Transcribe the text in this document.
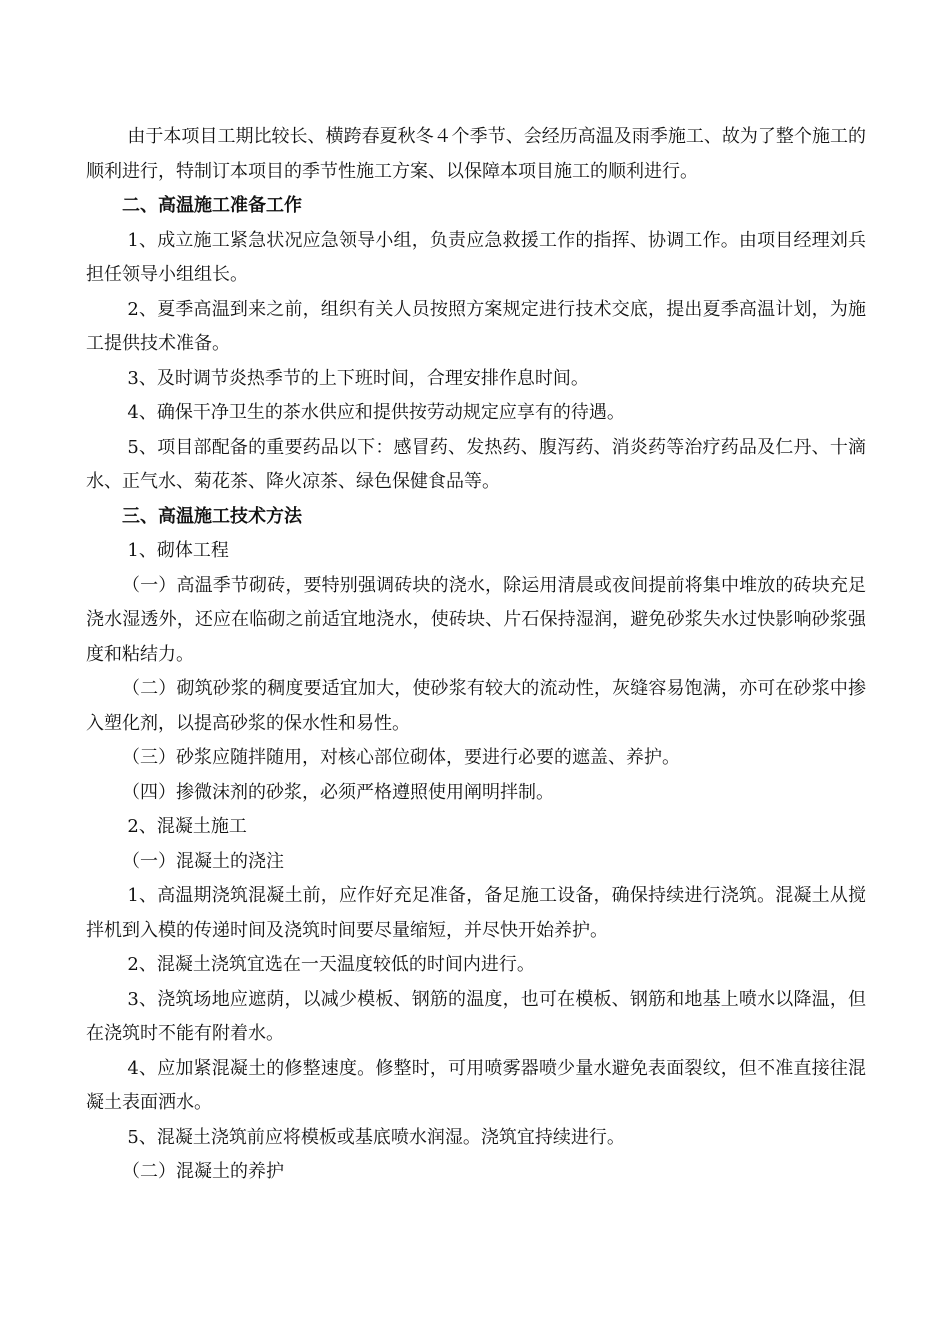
由于本项目工期比较长、横跨春夏秋冬４个季节、会经历高温及雨季施工、故为了整个施工的顺利进行，特制订本项目的季节性施工方案、以保障本项目施工的顺利进行。

二、高温施工准备工作

1、成立施工紧急状况应急领导小组，负责应急救援工作的指挥、协调工作。由项目经理刘兵担任领导小组组长。

2、夏季高温到来之前，组织有关人员按照方案规定进行技术交底，提出夏季高温计划，为施工提供技术准备。

3、及时调节炎热季节的上下班时间，合理安排作息时间。

4、确保干净卫生的茶水供应和提供按劳动规定应享有的待遇。

5、项目部配备的重要药品以下：感冒药、发热药、腹泻药、消炎药等治疗药品及仁丹、十滴水、正气水、菊花茶、降火凉茶、绿色保健食品等。

三、高温施工技术方法

1、砌体工程

（一）高温季节砌砖，要特别强调砖块的浇水，除运用清晨或夜间提前将集中堆放的砖块充足浇水湿透外，还应在临砌之前适宜地浇水，使砖块、片石保持湿润，避免砂浆失水过快影响砂浆强度和粘结力。

（二）砌筑砂浆的稠度要适宜加大，使砂浆有较大的流动性，灰缝容易饱满，亦可在砂浆中掺入塑化剂，以提高砂浆的保水性和易性。

（三）砂浆应随拌随用，对核心部位砌体，要进行必要的遮盖、养护。

（四）掺微沫剂的砂浆，必须严格遵照使用阐明拌制。

2、混凝土施工

（一）混凝土的浇注

1、高温期浇筑混凝土前，应作好充足准备，备足施工设备，确保持续进行浇筑。混凝土从搅拌机到入模的传递时间及浇筑时间要尽量缩短，并尽快开始养护。

2、混凝土浇筑宜选在一天温度较低的时间内进行。

3、浇筑场地应遮荫，以减少模板、钢筋的温度，也可在模板、钢筋和地基上喷水以降温，但在浇筑时不能有附着水。

4、应加紧混凝土的修整速度。修整时，可用喷雾器喷少量水避免表面裂纹，但不准直接往混凝土表面洒水。

5、混凝土浇筑前应将模板或基底喷水润湿。浇筑宜持续进行。

（二）混凝土的养护
